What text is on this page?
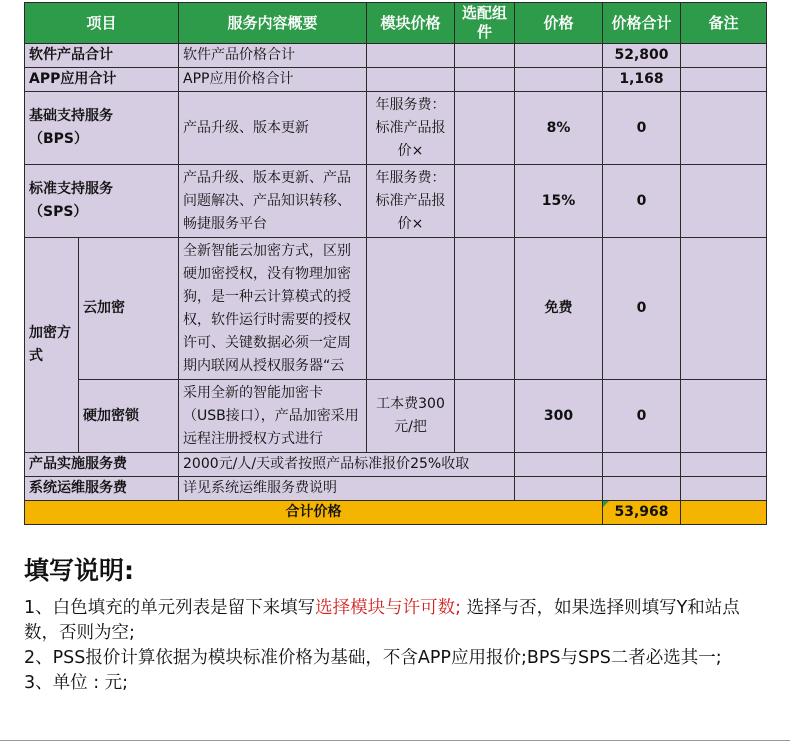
项目		服务内容概要	模块价格	选配组件	价格	价格合计	备注
软件产品合计		软件产品价格合计				52,800	
APP应用合计		APP应用价格合计				1,168	

基础支持服务
（BPS）		产品升级、版本更新	年服务费：标准产品报价×		8%	0	

标准支持服务
（SPS）		产品升级、版本更新、产品问题解决、产品知识转移、畅捷服务平台	年服务费：标准产品报价×		15%	0	
加密方式	云加密	全新智能云加密方式，区别硬加密授权，没有物理加密狗，是一种云计算模式的授权，软件运行时需要的授权许可、关键数据必须一定周期内联网从授权服务器“云			免费	0	
	硬加密锁	采用全新的智能加密卡（USB接口），产品加密采用远程注册授权方式进行	工本费300元/把		300	0	
产品实施服务费		2000元/人/天或者按照产品标准报价25%收取					
系统运维服务费		详见系统运维服务费说明					
合计价格						53,968	
填写说明:

1、白色填充的单元列表是留下来填写选择模块与许可数; 选择与否，如果选择则填写Y和站点数，否则为空;

2、PSS报价计算依据为模块标准价格为基础，不含APP应用报价;BPS与SPS二者必选其一;

3、单位 : 元;
